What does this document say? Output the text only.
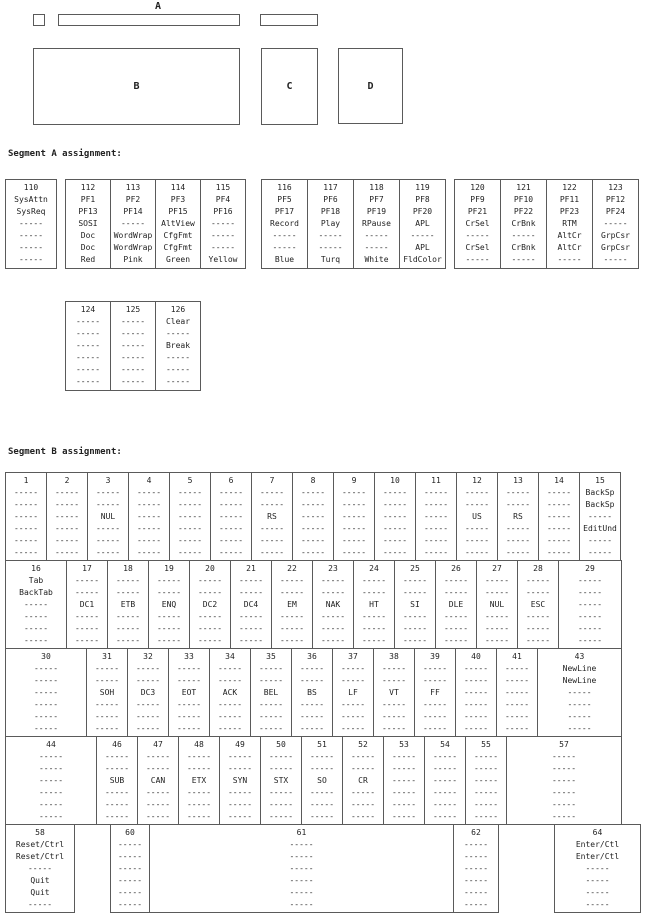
A
B	C	D
Segment A assignment:
110
SysAttn
SysReq
-----
-----
-----
-----
112
PF1
PF13
SOSI
Doc
Doc
Red
113
PF2
PF14
-----
WordWrap
WordWrap
Pink
114
PF3
PF15
AltView
CfgFmt
CfgFmt
Green
115
PF4
PF16
-----
-----
-----
Yellow
116
PF5
PF17
Record
-----
-----
Blue
117
PF6
PF18
Play
-----
-----
Turq
118
PF7
PF19
RPause
-----
-----
White
119
PF8
PF20
APL
-----
APL
FldColor
120
PF9
PF21
CrSel
-----
CrSel
-----
121
PF10
PF22
CrBnk
-----
CrBnk
-----
122
PF11
PF23
RTM
AltCr
AltCr
-----
123
PF12
PF24
-----
GrpCsr
GrpCsr
-----
124
-----
-----
-----
-----
-----
-----
125
-----
-----
-----
-----
-----
-----
126
Clear
-----
Break
-----
-----
-----
Segment B assignment:
1
-----
-----
-----
-----
-----
-----
2
-----
-----
-----
-----
-----
-----
3
-----
-----
NUL
-----
-----
-----
4
-----
-----
-----
-----
-----
-----
5
-----
-----
-----
-----
-----
-----
6
-----
-----
-----
-----
-----
-----
7
-----
-----
RS
-----
-----
-----
8
-----
-----
-----
-----
-----
-----
9
-----
-----
-----
-----
-----
-----
10
-----
-----
-----
-----
-----
-----
11
-----
-----
-----
-----
-----
-----
12
-----
-----
US
-----
-----
-----
13
-----
-----
RS
-----
-----
-----
14
-----
-----
-----
-----
-----
-----
15
BackSp
BackSp
-----
EditUnd
-----
-----
16
Tab
BackTab
-----
-----
-----
-----
17
-----
-----
DC1
-----
-----
-----
18
-----
-----
ETB
-----
-----
-----
19
-----
-----
ENQ
-----
-----
-----
20
-----
-----
DC2
-----
-----
-----
21
-----
-----
DC4
-----
-----
-----
22
-----
-----
EM
-----
-----
-----
23
-----
-----
NAK
-----
-----
-----
24
-----
-----
HT
-----
-----
-----
25
-----
-----
SI
-----
-----
-----
26
-----
-----
DLE
-----
-----
-----
27
-----
-----
NUL
-----
-----
-----
28
-----
-----
ESC
-----
-----
-----
29
-----
-----
-----
-----
-----
-----
30
-----
-----
-----
-----
-----
-----
31
-----
-----
SOH
-----
-----
-----
32
-----
-----
DC3
-----
-----
-----
33
-----
-----
EOT
-----
-----
-----
34
-----
-----
ACK
-----
-----
-----
35
-----
-----
BEL
-----
-----
-----
36
-----
-----
BS
-----
-----
-----
37
-----
-----
LF
-----
-----
-----
38
-----
-----
VT
-----
-----
-----
39
-----
-----
FF
-----
-----
-----
40
-----
-----
-----
-----
-----
-----
41
-----
-----
-----
-----
-----
-----
43
NewLine
NewLine
-----
-----
-----
-----
44
-----
-----
-----
-----
-----
-----
46
-----
-----
SUB
-----
-----
-----
47
-----
-----
CAN
-----
-----
-----
48
-----
-----
ETX
-----
-----
-----
49
-----
-----
SYN
-----
-----
-----
50
-----
-----
STX
-----
-----
-----
51
-----
-----
SO
-----
-----
-----
52
-----
-----
CR
-----
-----
-----
53
-----
-----
-----
-----
-----
-----
54
-----
-----
-----
-----
-----
-----
55
-----
-----
-----
-----
-----
-----
57
-----
-----
-----
-----
-----
-----
58
Reset/Ctrl
Reset/Ctrl
-----
Quit
Quit
-----
60
-----
-----
-----
-----
-----
-----
61
-----
-----
-----
-----
-----
-----
62
-----
-----
-----
-----
-----
-----
64
Enter/Ctl
Enter/Ctl
-----
-----
-----
-----
